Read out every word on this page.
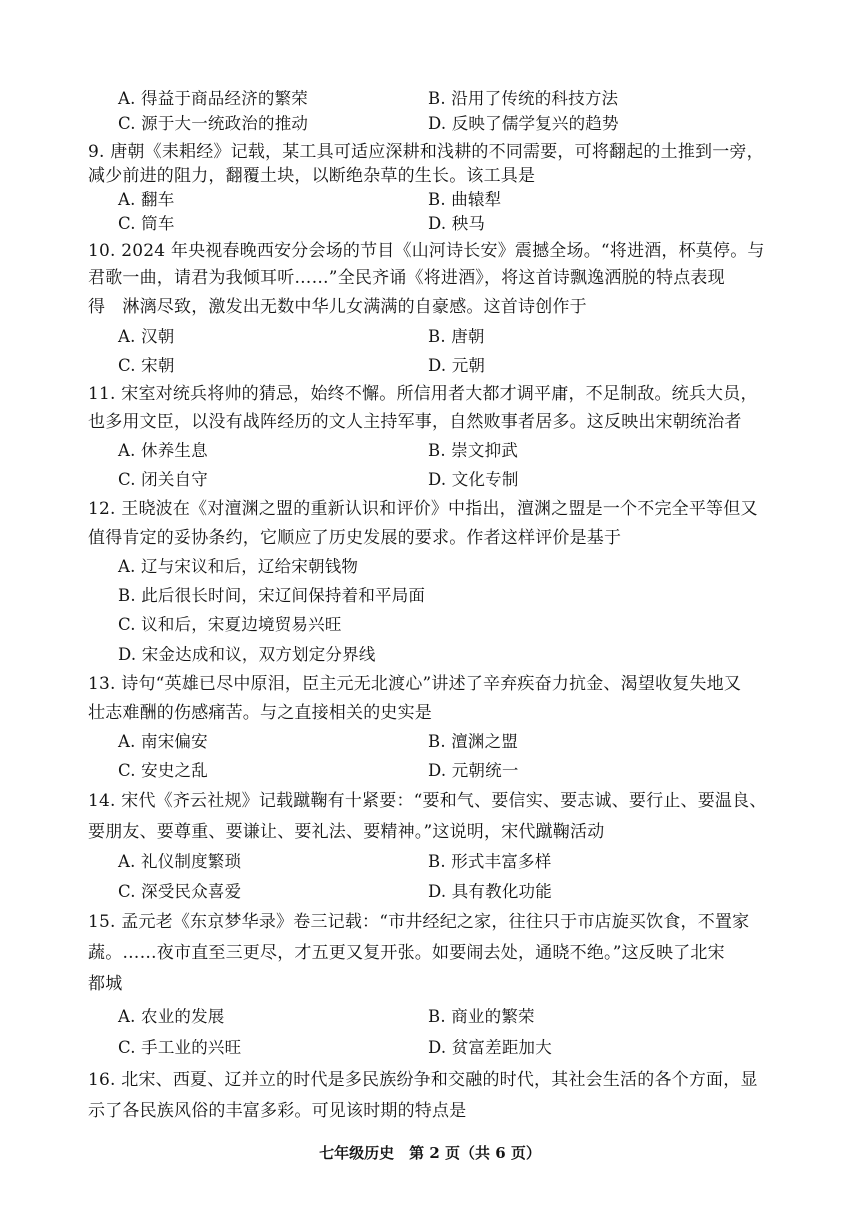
A. 得益于商品经济的繁荣	B. 沿用了传统的科技方法
C. 源于大一统政治的推动	D. 反映了儒学复兴的趋势
9. 唐朝《耒耜经》记载，某工具可适应深耕和浅耕的不同需要，可将翻起的土推到一旁，
减少前进的阻力，翻覆土块，以断绝杂草的生长。该工具是
A. 翻车	B. 曲辕犁
C. 筒车	D. 秧马
10. 2024 年央视春晚西安分会场的节目《山河诗长安》震撼全场。“将进酒，杯莫停。与
君歌一曲，请君为我倾耳听……”全民齐诵《将进酒》，将这首诗飘逸洒脱的特点表现
得　淋漓尽致，激发出无数中华儿女满满的自豪感。这首诗创作于
A. 汉朝	B. 唐朝
C. 宋朝	D. 元朝
11. 宋室对统兵将帅的猜忌，始终不懈。所信用者大都才调平庸，不足制敌。统兵大员，
也多用文臣，以没有战阵经历的文人主持军事，自然败事者居多。这反映出宋朝统治者
A. 休养生息	B. 崇文抑武
C. 闭关自守	D. 文化专制
12. 王晓波在《对澶渊之盟的重新认识和评价》中指出，澶渊之盟是一个不完全平等但又
值得肯定的妥协条约，它顺应了历史发展的要求。作者这样评价是基于
A. 辽与宋议和后，辽给宋朝钱物
B. 此后很长时间，宋辽间保持着和平局面
C. 议和后，宋夏边境贸易兴旺
D. 宋金达成和议，双方划定分界线
13. 诗句“英雄已尽中原泪，臣主元无北渡心”讲述了辛弃疾奋力抗金、渴望收复失地又
壮志难酬的伤感痛苦。与之直接相关的史实是
A. 南宋偏安	B. 澶渊之盟
C. 安史之乱	D. 元朝统一
14. 宋代《齐云社规》记载蹴鞠有十紧要：“要和气、要信实、要志诚、要行止、要温良、
要朋友、要尊重、要谦让、要礼法、要精神。”这说明，宋代蹴鞠活动
A. 礼仪制度繁琐	B. 形式丰富多样
C. 深受民众喜爱	D. 具有教化功能
15. 孟元老《东京梦华录》卷三记载：“市井经纪之家，往往只于市店旋买饮食，不置家
蔬。……夜市直至三更尽，才五更又复开张。如要闹去处，通晓不绝。”这反映了北宋
都城
A. 农业的发展	B. 商业的繁荣
C. 手工业的兴旺	D. 贫富差距加大
16. 北宋、西夏、辽并立的时代是多民族纷争和交融的时代，其社会生活的各个方面，显
示了各民族风俗的丰富多彩。可见该时期的特点是
七年级历史　第 2 页（共 6 页）
